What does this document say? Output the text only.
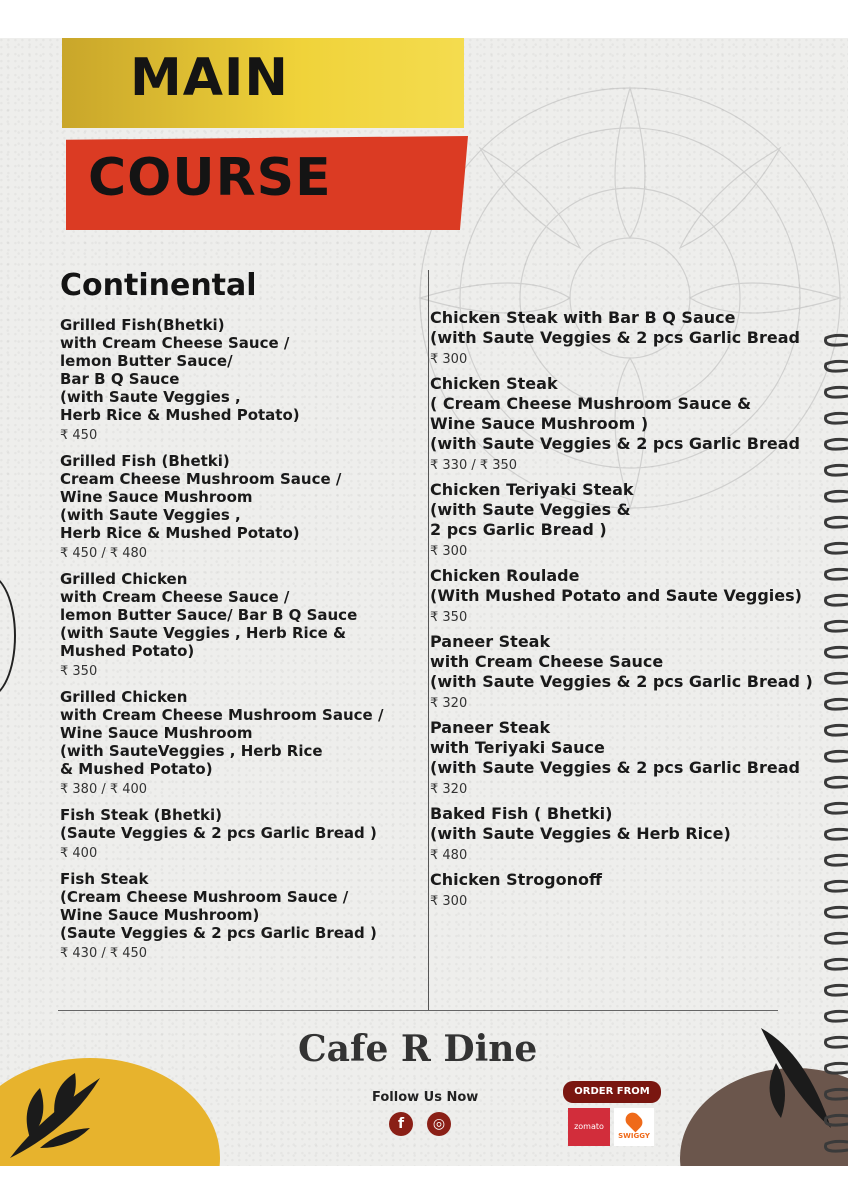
MAIN
COURSE
Continental
Grilled Fish(Bhetki)
with Cream Cheese Sauce /
lemon Butter Sauce/
Bar B Q Sauce
(with Saute Veggies ,
Herb Rice & Mushed Potato)
₹ 450
Grilled Fish (Bhetki)
Cream Cheese Mushroom Sauce /
Wine Sauce Mushroom
(with Saute Veggies ,
Herb Rice & Mushed Potato)
₹ 450 / ₹ 480
Grilled Chicken
with Cream Cheese Sauce /
lemon Butter Sauce/ Bar B Q Sauce
(with Saute Veggies , Herb Rice &
Mushed Potato)
₹ 350
Grilled Chicken
with Cream Cheese Mushroom Sauce /
Wine Sauce Mushroom
(with SauteVeggies , Herb Rice
& Mushed Potato)
₹ 380 / ₹ 400
Fish Steak (Bhetki)
(Saute Veggies & 2 pcs Garlic Bread )
₹ 400
Fish Steak
(Cream Cheese Mushroom Sauce /
Wine Sauce Mushroom)
(Saute Veggies & 2 pcs Garlic Bread )
₹ 430 / ₹ 450
Chicken Steak with Bar B Q Sauce
(with Saute Veggies & 2 pcs Garlic Bread
₹ 300
Chicken Steak
( Cream Cheese Mushroom Sauce &
Wine Sauce Mushroom )
(with Saute Veggies & 2 pcs Garlic Bread
₹ 330 / ₹ 350
Chicken Teriyaki Steak
(with Saute Veggies &
2 pcs Garlic Bread )
₹ 300
Chicken Roulade
(With Mushed Potato and Saute Veggies)
₹ 350
Paneer Steak
with Cream Cheese Sauce
(with Saute Veggies & 2 pcs Garlic Bread )
₹ 320
Paneer Steak
with Teriyaki Sauce
(with Saute Veggies & 2 pcs Garlic Bread
₹ 320
Baked Fish ( Bhetki)
(with Saute Veggies & Herb Rice)
₹ 480
Chicken Strogonoff
₹ 300
Cafe R Dine
Follow Us Now
f	◎
ORDER FROM
zomato
SWIGGY
